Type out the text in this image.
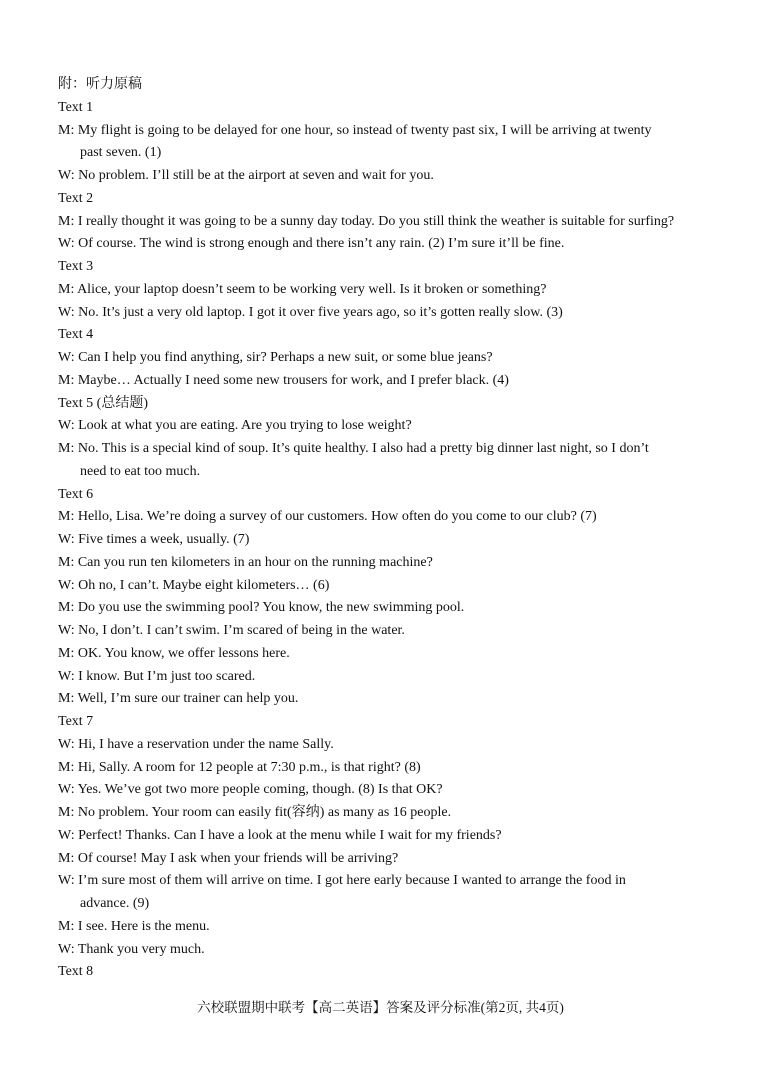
附：听力原稿
Text 1
M: My flight is going to be delayed for one hour, so instead of twenty past six, I will be arriving at twenty
past seven. (1)
W: No problem. I’ll still be at the airport at seven and wait for you.
Text 2
M: I really thought it was going to be a sunny day today. Do you still think the weather is suitable for surfing?
W: Of course. The wind is strong enough and there isn’t any rain. (2) I’m sure it’ll be fine.
Text 3
M: Alice, your laptop doesn’t seem to be working very well. Is it broken or something?
W: No. It’s just a very old laptop. I got it over five years ago, so it’s gotten really slow. (3)
Text 4
W: Can I help you find anything, sir? Perhaps a new suit, or some blue jeans?
M: Maybe… Actually I need some new trousers for work, and I prefer black. (4)
Text 5 (总结题)
W: Look at what you are eating. Are you trying to lose weight?
M: No. This is a special kind of soup. It’s quite healthy. I also had a pretty big dinner last night, so I don’t
need to eat too much.
Text 6
M: Hello, Lisa. We’re doing a survey of our customers. How often do you come to our club? (7)
W: Five times a week, usually. (7)
M: Can you run ten kilometers in an hour on the running machine?
W: Oh no, I can’t. Maybe eight kilometers… (6)
M: Do you use the swimming pool? You know, the new swimming pool.
W: No, I don’t. I can’t swim. I’m scared of being in the water.
M: OK. You know, we offer lessons here.
W: I know. But I’m just too scared.
M: Well, I’m sure our trainer can help you.
Text 7
W: Hi, I have a reservation under the name Sally.
M: Hi, Sally. A room for 12 people at 7:30 p.m., is that right? (8)
W: Yes. We’ve got two more people coming, though. (8) Is that OK?
M: No problem. Your room can easily fit(容纳) as many as 16 people.
W: Perfect! Thanks. Can I have a look at the menu while I wait for my friends?
M: Of course! May I ask when your friends will be arriving?
W: I’m sure most of them will arrive on time. I got here early because I wanted to arrange the food in
advance. (9)
M: I see. Here is the menu.
W: Thank you very much.
Text 8
六校联盟期中联考【高二英语】答案及评分标准(第2页, 共4页)
